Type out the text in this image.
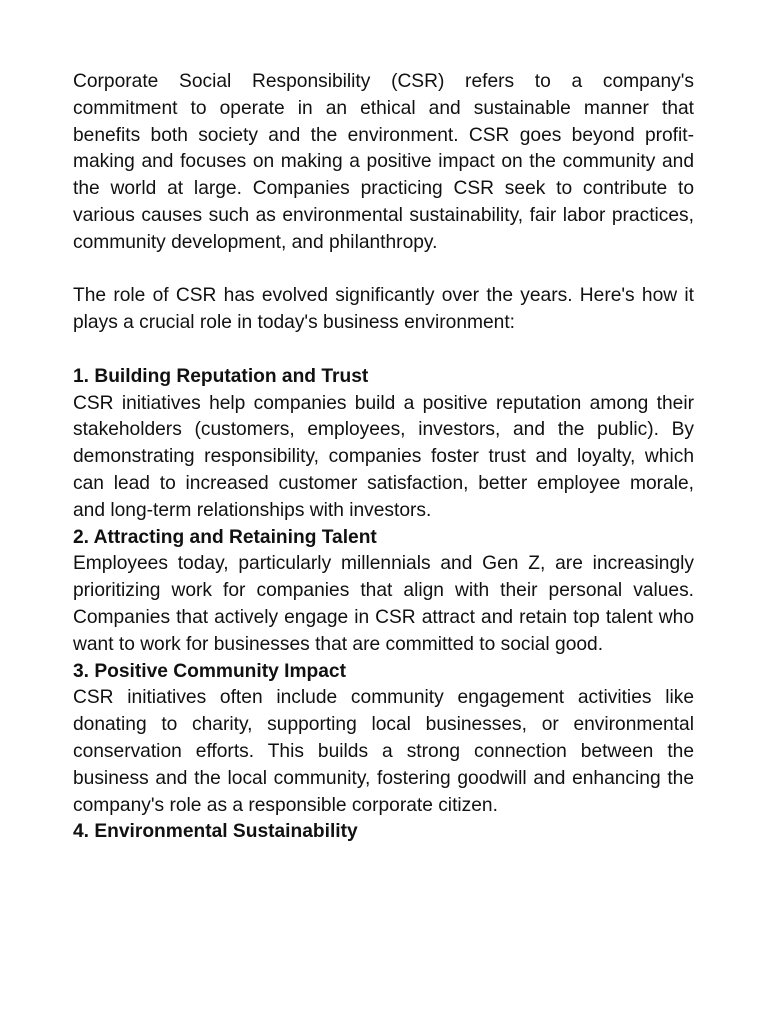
Corporate Social Responsibility (CSR) refers to a company's commitment to operate in an ethical and sustainable manner that benefits both society and the environment. CSR goes beyond profit-making and focuses on making a positive impact on the community and the world at large. Companies practicing CSR seek to contribute to various causes such as environmental sustainability, fair labor practices, community development, and philanthropy.

The role of CSR has evolved significantly over the years. Here's how it plays a crucial role in today's business environment:

1. Building Reputation and Trust

CSR initiatives help companies build a positive reputation among their stakeholders (customers, employees, investors, and the public). By demonstrating responsibility, companies foster trust and loyalty, which can lead to increased customer satisfaction, better employee morale, and long-term relationships with investors.

2. Attracting and Retaining Talent

Employees today, particularly millennials and Gen Z, are increasingly prioritizing work for companies that align with their personal values. Companies that actively engage in CSR attract and retain top talent who want to work for businesses that are committed to social good.

3. Positive Community Impact

CSR initiatives often include community engagement activities like donating to charity, supporting local businesses, or environmental conservation efforts. This builds a strong connection between the business and the local community, fostering goodwill and enhancing the company's role as a responsible corporate citizen.

4. Environmental Sustainability
